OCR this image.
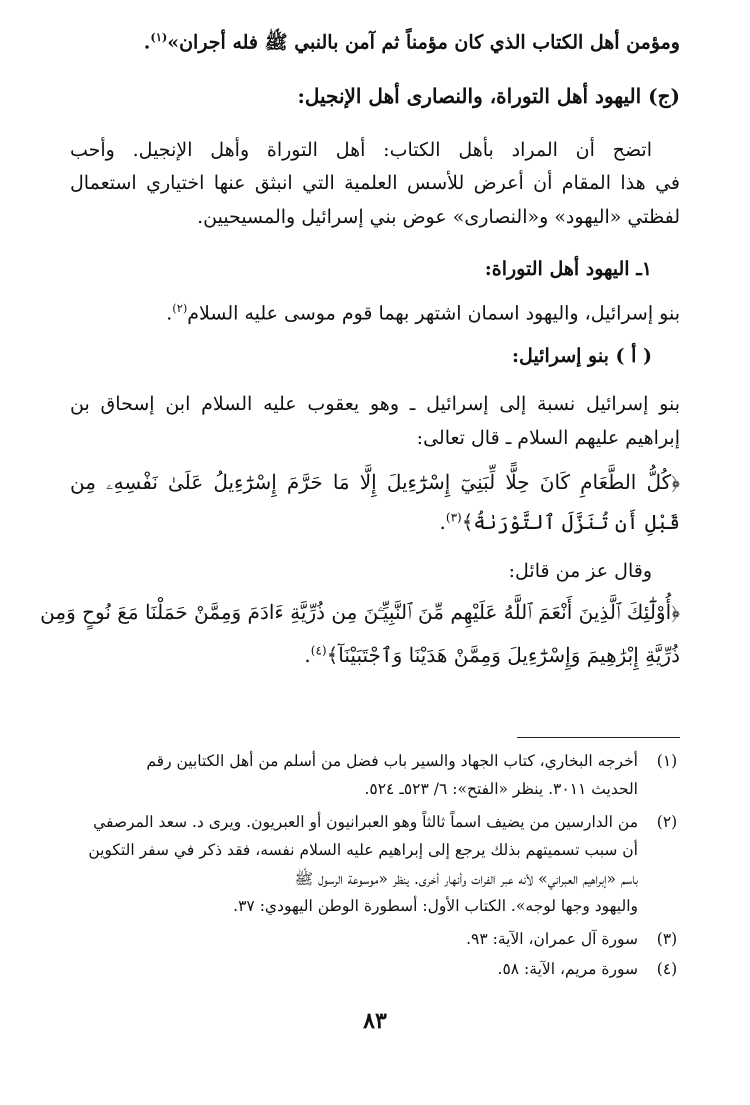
ومؤمن أهل الكتاب الذي كان مؤمناً ثم آمن بالنبي ﷺ فله أجران»$^{(١)}$.
(ج) اليهود أهل التوراة، والنصارى أهل الإنجيل:
اتضح أن المراد بأهل الكتاب: أهل التوراة وأهل الإنجيل. وأحب
في هذا المقام أن أعرض للأسس العلمية التي انبثق عنها اختياري استعمال
لفظتي «اليهود» و«النصارى» عوض بني إسرائيل والمسيحيين.
١ـ اليهود أهل التوراة:
بنو إسرائيل، واليهود اسمان اشتهر بهما قوم موسى عليه السلام$^{(٢)}$.
( أ ) بنو إسرائيل:
بنو إسرائيل نسبة إلى إسرائيل ـ وهو يعقوب عليه السلام ابن إسحاق بن
إبراهيم عليهم السلام ـ قال تعالى:
﴿كُلُّ الطَّعَامِ كَانَ حِلًّا لِّبَنِيٓ إِسْرَٰٓءِيلَ إِلَّا مَا حَرَّمَ إِسْرَٰٓءِيلُ عَلَىٰ نَفْسِهِۦ مِن
قَبْلِ أَن تُنَزَّلَ ٱلتَّوْرَىٰةُ﴾$^{(٣)}$.
وقال عز من قائل:
﴿أُوْلَٰٓئِكَ ٱلَّذِينَ أَنْعَمَ ٱللَّهُ عَلَيْهِم مِّنَ ٱلنَّبِيِّـۧنَ مِن ذُرِّيَّةِ ءَادَمَ وَمِمَّنْ حَمَلْنَا مَعَ نُوحٍ وَمِن
ذُرِّيَّةِ إِبْرَٰهِيمَ وَإِسْرَٰٓءِيلَ وَمِمَّنْ هَدَيْنَا وَٱجْتَبَيْنَآ﴾$^{(٤)}$.
(١)
أخرجه البخاري، كتاب الجهاد والسير باب فضل من أسلم من أهل الكتابين رقم
الحديث ٣٠١١. ينظر «الفتح»: ٦/ ٥٢٣ـ ٥٢٤.
(٢)
من الدارسين من يضيف اسماً ثالثاً وهو العبرانيون أو العبريون. ويرى د. سعد المرصفي
أن سبب تسميتهم بذلك يرجع إلى إبراهيم عليه السلام نفسه، فقد ذكر في سفر التكوين
باسم «إبراهيم العبراني» لأنه عبر الفرات وأنهار أخرى. ينظر «موسوعة الرسول ﷺ
واليهود وجها لوجه». الكتاب الأول: أسطورة الوطن اليهودي: ٣٧.
(٣)
سورة آل عمران، الآية: ٩٣.
(٤)
سورة مريم، الآية: ٥٨.
٨٣
